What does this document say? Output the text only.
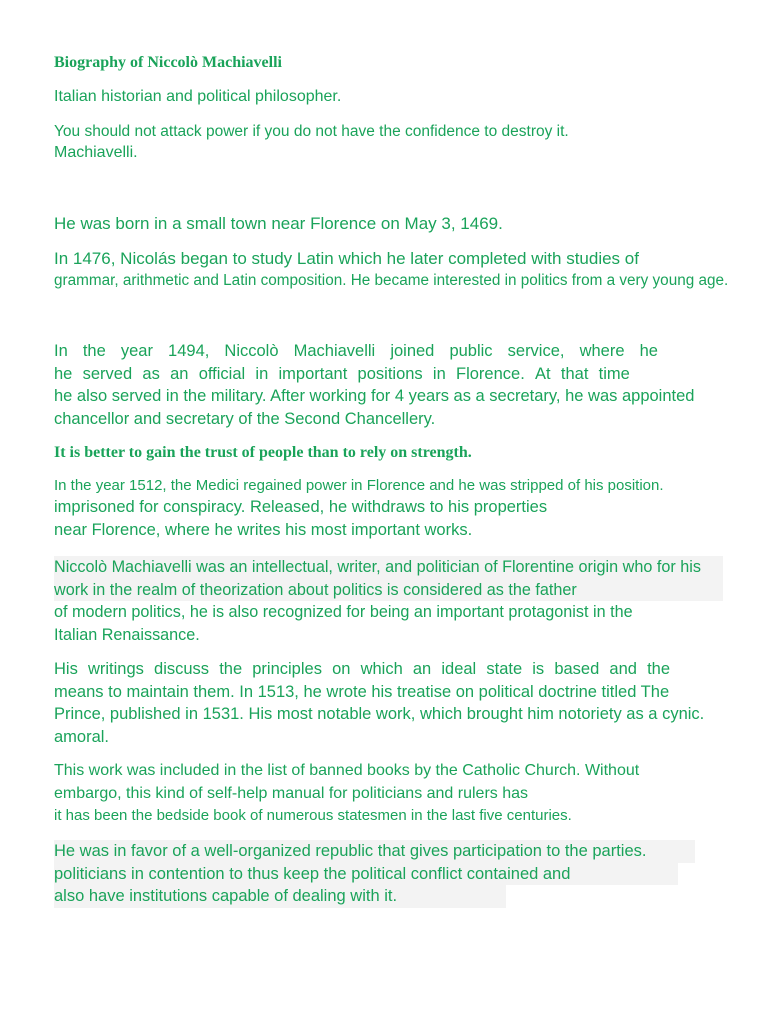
Biography of Niccolò Machiavelli
Italian historian and political philosopher.
You should not attack power if you do not have the confidence to destroy it.
Machiavelli.
He was born in a small town near Florence on May 3, 1469.
In 1476, Nicolás began to study Latin which he later completed with studies of
grammar, arithmetic and Latin composition. He became interested in politics from a very young age.
In the year 1494, Niccolò Machiavelli joined public service, where he
he served as an official in important positions in Florence. At that time
he also served in the military. After working for 4 years as a secretary, he was appointed
chancellor and secretary of the Second Chancellery.
It is better to gain the trust of people than to rely on strength.
In the year 1512, the Medici regained power in Florence and he was stripped of his position.
imprisoned for conspiracy. Released, he withdraws to his properties
near Florence, where he writes his most important works.
Niccolò Machiavelli was an intellectual, writer, and politician of Florentine origin who for his
work in the realm of theorization about politics is considered as the father
of modern politics, he is also recognized for being an important protagonist in the
Italian Renaissance.
His writings discuss the principles on which an ideal state is based and the
means to maintain them. In 1513, he wrote his treatise on political doctrine titled The
Prince, published in 1531. His most notable work, which brought him notoriety as a cynic.
amoral.
This work was included in the list of banned books by the Catholic Church. Without
embargo, this kind of self-help manual for politicians and rulers has
it has been the bedside book of numerous statesmen in the last five centuries.
He was in favor of a well-organized republic that gives participation to the parties.
politicians in contention to thus keep the political conflict contained and
also have institutions capable of dealing with it.
